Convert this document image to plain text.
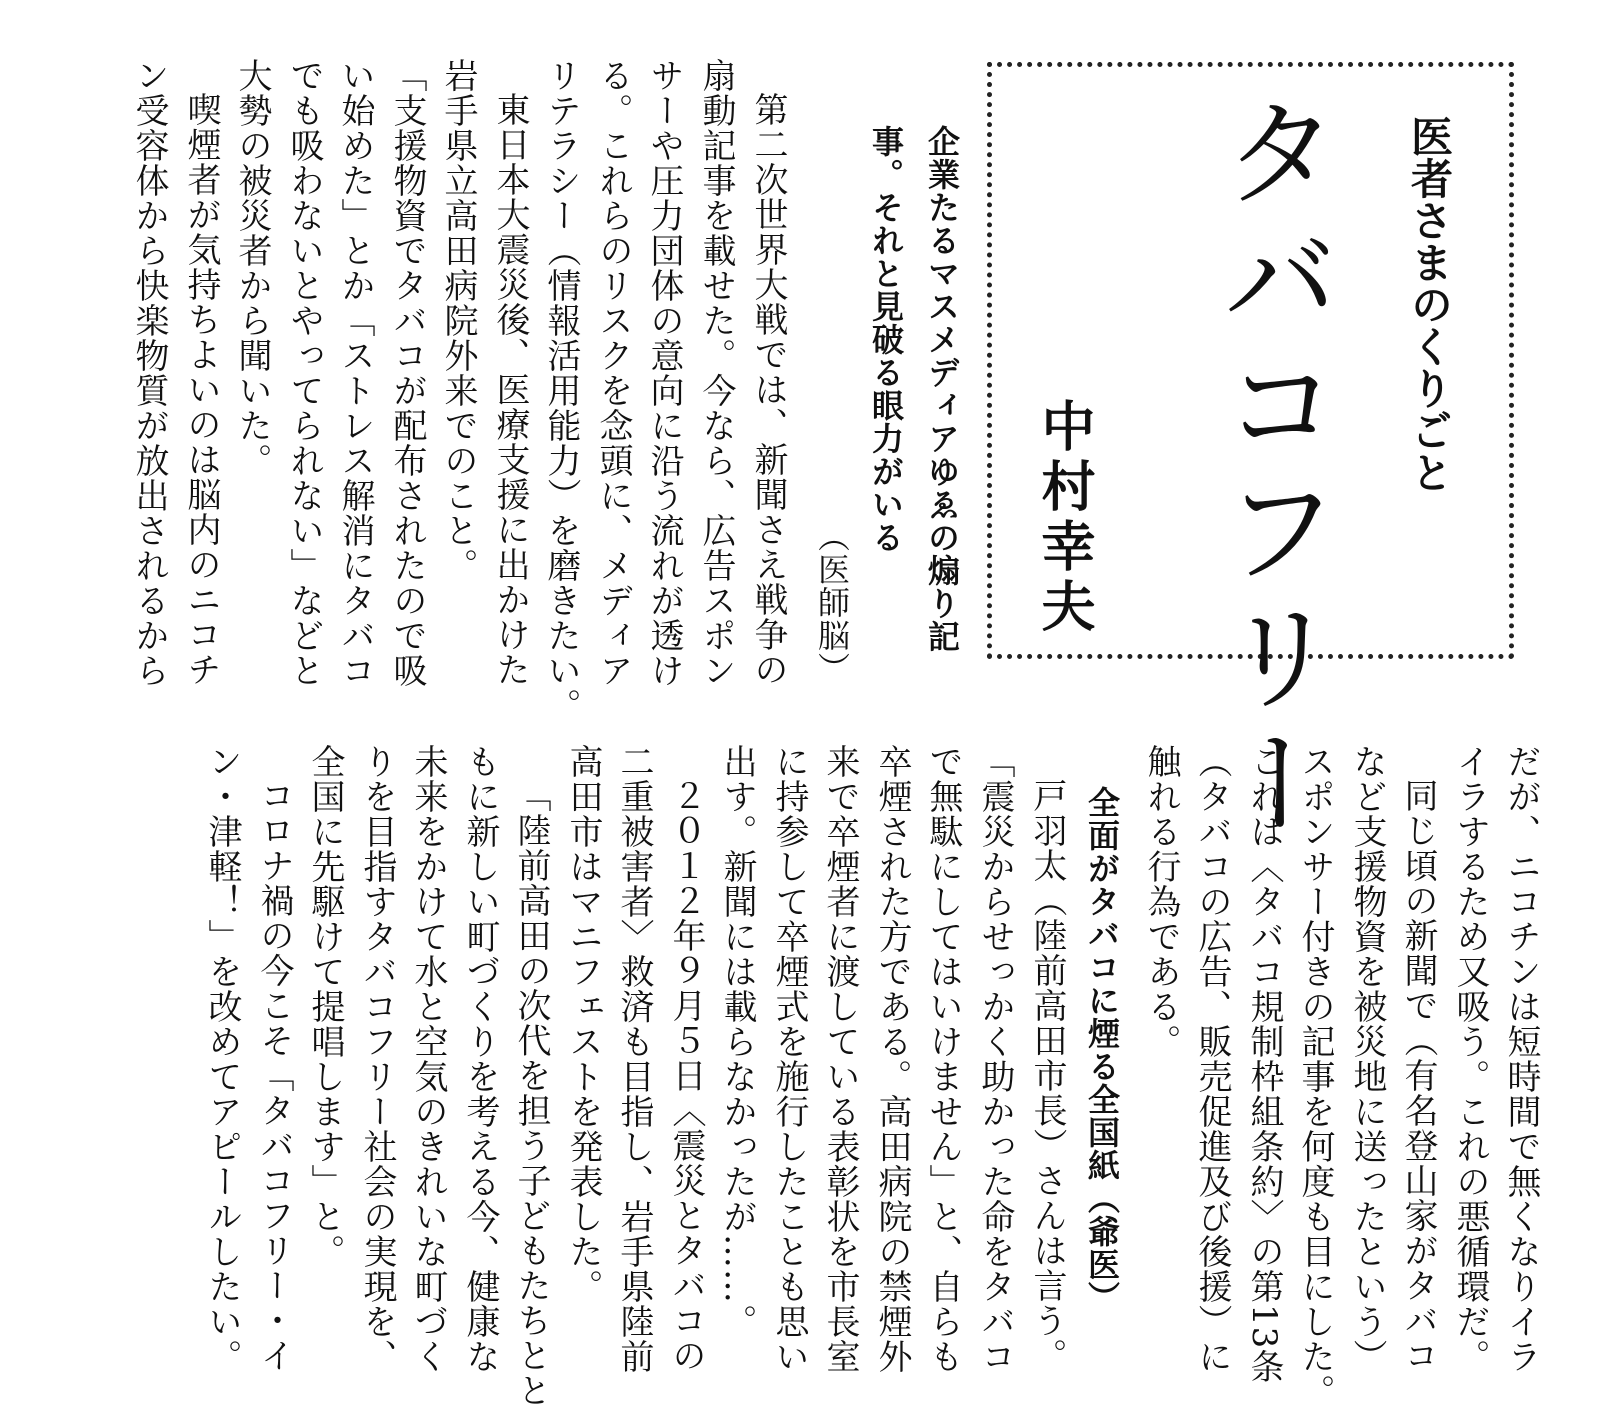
医者さまのくりごと
タバコフリー
中村幸夫
企業たるマスメディアゆゑの煽り記
事。それと見破る眼力がいる
（医師脳）
第二次世界大戦では、新聞さえ戦争の
扇動記事を載せた。今なら、広告スポン
サーや圧力団体の意向に沿う流れが透け
る。これらのリスクを念頭に、メディア
リテラシー（情報活用能力）を磨きたい。
東日本大震災後、医療支援に出かけた
岩手県立高田病院外来でのこと。
「支援物資でタバコが配布されたので吸
い始めた」とか「ストレス解消にタバコ
でも吸わないとやってられない」などと
大勢の被災者から聞いた。
喫煙者が気持ちよいのは脳内のニコチ
ン受容体から快楽物質が放出されるから
だが、ニコチンは短時間で無くなりイラ
イラするため又吸う。これの悪循環だ。
同じ頃の新聞で（有名登山家がタバコ
など支援物資を被災地に送ったという）
スポンサー付きの記事を何度も目にした。
これは〈タバコ規制枠組条約〉の第13条
（タバコの広告、販売促進及び後援）に
触れる行為である。
全面がタバコに煙る全国紙（爺医）
戸羽太（陸前高田市長）さんは言う。
「震災からせっかく助かった命をタバコ
で無駄にしてはいけません」と、自らも
卒煙された方である。高田病院の禁煙外
来で卒煙者に渡している表彰状を市長室
に持参して卒煙式を施行したことも思い
出す。新聞には載らなかったが……。
２０１２年９月５日〈震災とタバコの
二重被害者〉救済も目指し、岩手県陸前
高田市はマニフェストを発表した。
「陸前高田の次代を担う子どもたちとと
もに新しい町づくりを考える今、健康な
未来をかけて水と空気のきれいな町づく
りを目指すタバコフリー社会の実現を、
全国に先駆けて提唱します」と。
コロナ禍の今こそ「タバコフリー・イ
ン・津軽！」を改めてアピールしたい。
